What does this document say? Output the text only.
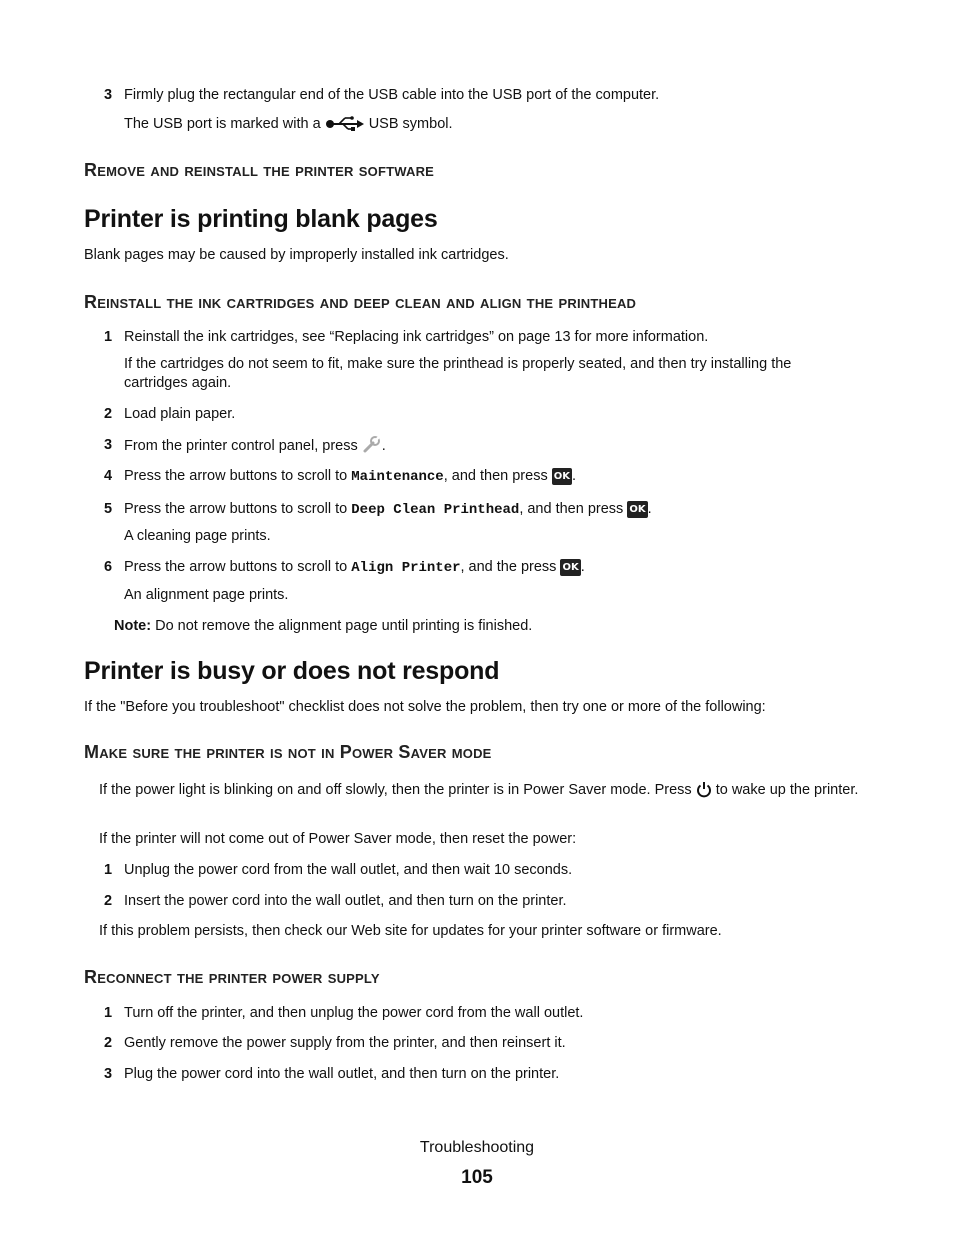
3 Firmly plug the rectangular end of the USB cable into the USB port of the computer.
The USB port is marked with a	USB symbol.
Remove and reinstall the printer software
Printer is printing blank pages
Blank pages may be caused by improperly installed ink cartridges.
Reinstall the ink cartridges and deep clean and align the printhead
1 Reinstall the ink cartridges, see “Replacing ink cartridges” on page 13 for more information.
If the cartridges do not seem to fit, make sure the printhead is properly seated, and then try installing the cartridges again.
2 Load plain paper.
3 From the printer control panel, press .
4 Press the arrow buttons to scroll to Maintenance, and then press OK .
5 Press the arrow buttons to scroll to Deep Clean Printhead, and then press OK .
A cleaning page prints.
6 Press the arrow buttons to scroll to Align Printer, and the press OK .
An alignment page prints.
Note: Do not remove the alignment page until printing is finished.
Printer is busy or does not respond
If the "Before you troubleshoot" checklist does not solve the problem, then try one or more of the following:
Make sure the printer is not in Power Saver mode
If the power light is blinking on and off slowly, then the printer is in Power Saver mode. Press to wake up the printer.
If the printer will not come out of Power Saver mode, then reset the power:
1 Unplug the power cord from the wall outlet, and then wait 10 seconds.
2 Insert the power cord into the wall outlet, and then turn on the printer.
If this problem persists, then check our Web site for updates for your printer software or firmware.
Reconnect the printer power supply
1 Turn off the printer, and then unplug the power cord from the wall outlet.
2 Gently remove the power supply from the printer, and then reinsert it.
3 Plug the power cord into the wall outlet, and then turn on the printer.
Troubleshooting
105
